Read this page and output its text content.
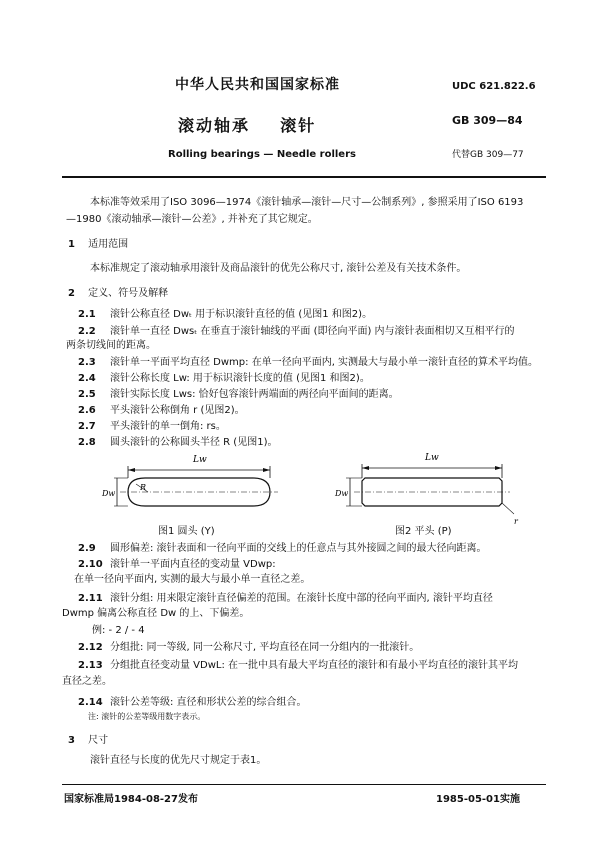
中华人民共和国国家标准	UDC 621.822.6
滚动轴承    滚针	GB 309—84
Rolling bearings — Needle rollers	代替GB 309—77
本标准等效采用了ISO 3096—1974《滚针轴承—滚针—尺寸—公制系列》, 参照采用了ISO 6193
—1980《滚动轴承—滚针—公差》, 并补充了其它规定。
1 适用范围
本标准规定了滚动轴承用滚针及商品滚针的优先公称尺寸, 滚针公差及有关技术条件。
2 定义、符号及解释
2.1 滚针公称直径 Dwₜ 用于标识滚针直径的值 (见图1 和图2)。
2.2 滚针单一直径 Dwsₜ 在垂直于滚针轴线的平面 (即径向平面) 内与滚针表面相切又互相平行的
两条切线间的距离。
2.3 滚针单一平面平均直径 Dwmp: 在单一径向平面内, 实测最大与最小单一滚针直径的算术平均值。
2.4 滚针公称长度 Lw: 用于标识滚针长度的值 (见图1 和图2)。
2.5 滚针实际长度 Lws: 恰好包容滚针两端面的两径向平面间的距离。
2.6 平头滚针公称倒角 r (见图2)。
2.7 平头滚针的单一倒角: rs。
2.8 圆头滚针的公称圆头半径 R (见图1)。
Lw
Dw
R
Lw
Dw
r
图1 圆头 (Y)	图2 平头 (P)
2.9 圆形偏差: 滚针表面和一径向平面的交线上的任意点与其外接圆之间的最大径向距离。
2.10 滚针单一平面内直径的变动量 VDwp:
在单一径向平面内, 实测的最大与最小单一直径之差。
2.11 滚针分组: 用来限定滚针直径偏差的范围。在滚针长度中部的径向平面内, 滚针平均直径
Dwmp 偏离公称直径 Dw 的上、下偏差。
例: - 2 / - 4
2.12 分组批: 同一等级, 同一公称尺寸, 平均直径在同一分组内的一批滚针。
2.13 分组批直径变动量 VDwL: 在一批中具有最大平均直径的滚针和有最小平均直径的滚针其平均
直径之差。
2.14 滚针公差等级: 直径和形状公差的综合组合。
注: 滚针的公差等级用数字表示。
3 尺寸
滚针直径与长度的优先尺寸规定于表1。
国家标准局1984-08-27发布	1985-05-01实施
